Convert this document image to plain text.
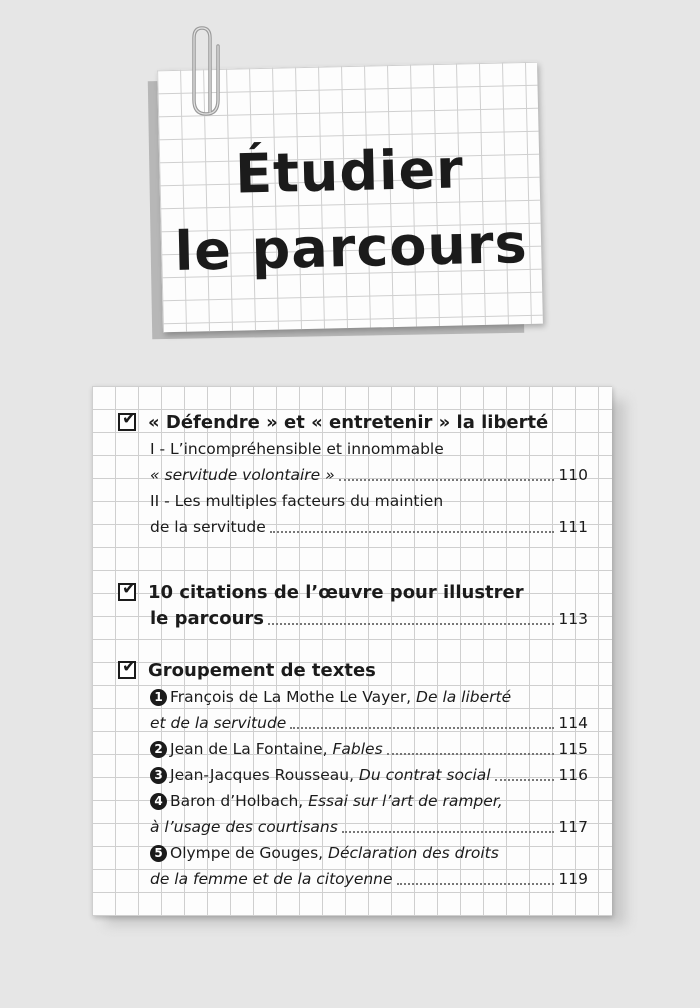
Étudier
le parcours
✔ « Défendre » et « entretenir » la liberté
I - L’incompréhensible et innommable
« servitude volontaire »	110
II - Les multiples facteurs du maintien
de la servitude	111
✔ 10 citations de l’œuvre pour illustrer
le parcours	113
✔ Groupement de textes
1 François de La Mothe Le Vayer, De la liberté
et de la servitude	114
2 Jean de La Fontaine, Fables	115
3 Jean-Jacques Rousseau, Du contrat social	116
4 Baron d’Holbach, Essai sur l’art de ramper,
à l’usage des courtisans	117
5 Olympe de Gouges, Déclaration des droits
de la femme et de la citoyenne	119
